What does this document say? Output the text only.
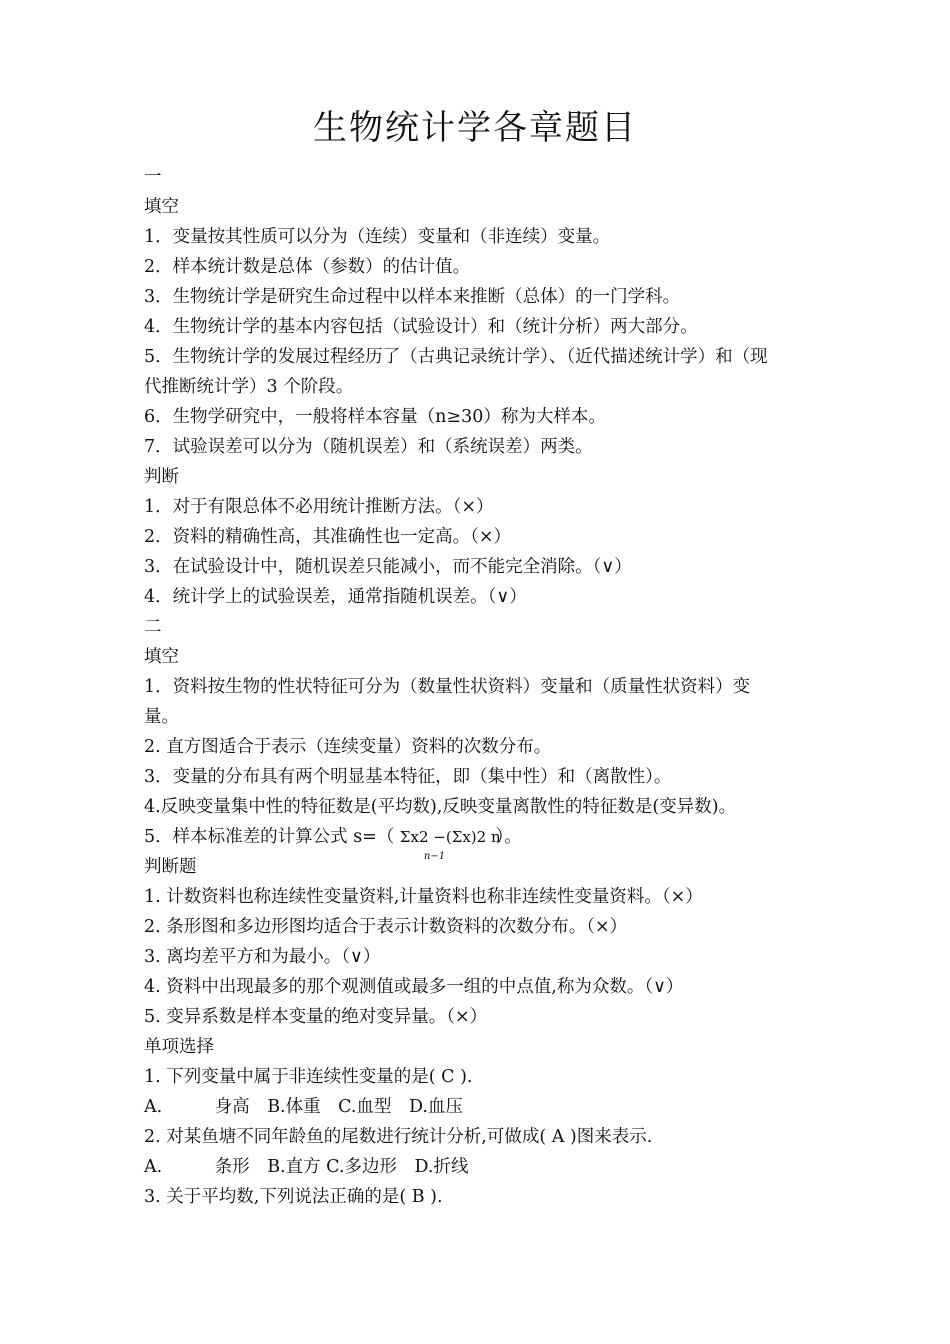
生物统计学各章题目
一
填空
1．变量按其性质可以分为（连续）变量和（非连续）变量。
2．样本统计数是总体（参数）的估计值。
3．生物统计学是研究生命过程中以样本来推断（总体）的一门学科。
4．生物统计学的基本内容包括（试验设计）和（统计分析）两大部分。
5．生物统计学的发展过程经历了（古典记录统计学）、（近代描述统计学）和（现
代推断统计学）3 个阶段。
6．生物学研究中，一般将样本容量（n≥30）称为大样本。
7．试验误差可以分为（随机误差）和（系统误差）两类。
判断
1．对于有限总体不必用统计推断方法。（×）
2．资料的精确性高，其准确性也一定高。（×）
3．在试验设计中，随机误差只能减小，而不能完全消除。（∨）
4．统计学上的试验误差，通常指随机误差。（∨）
二
填空
1．资料按生物的性状特征可分为（数量性状资料）变量和（质量性状资料）变
量。
2. 直方图适合于表示（连续变量）资料的次数分布。
3．变量的分布具有两个明显基本特征，即（集中性）和（离散性）。
4.反映变量集中性的特征数是(平均数),反映变量离散性的特征数是(变异数)。
5．样本标准差的计算公式 s=（ Σx2 −(Σx)2 n
n−1
）。
判断题
1. 计数资料也称连续性变量资料,计量资料也称非连续性变量资料。（×）
2. 条形图和多边形图均适合于表示计数资料的次数分布。（×）
3. 离均差平方和为最小。（∨）
4. 资料中出现最多的那个观测值或最多一组的中点值,称为众数。（∨）
5. 变异系数是样本变量的绝对变异量。（×）
单项选择
1. 下列变量中属于非连续性变量的是( C ).
A.　　　身高　B.体重　C.血型　D.血压
2. 对某鱼塘不同年龄鱼的尾数进行统计分析,可做成( A )图来表示.
A.　　　条形　B.直方 C.多边形　D.折线
3. 关于平均数,下列说法正确的是( B ).
